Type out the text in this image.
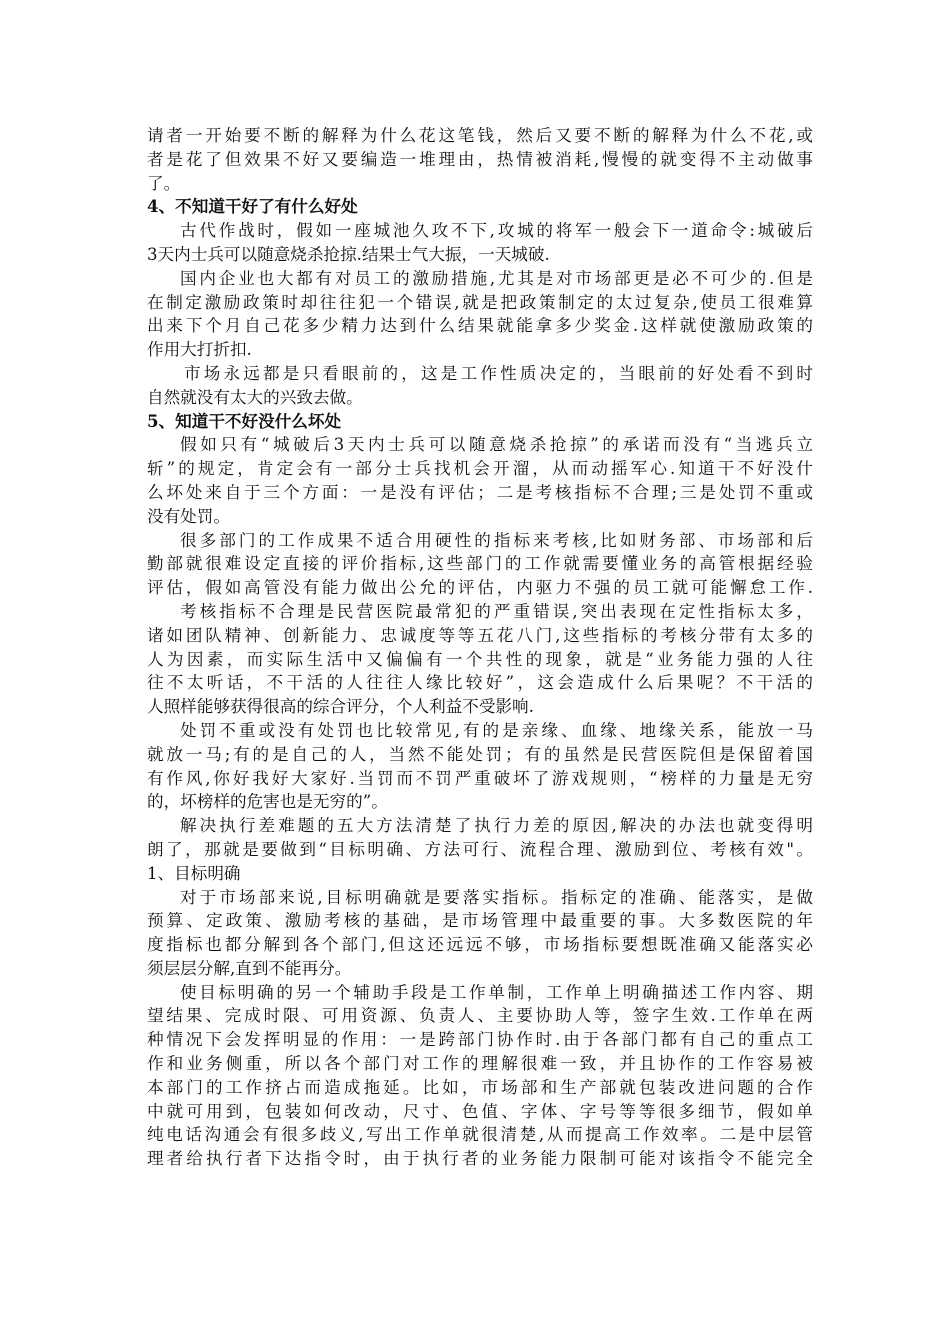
请者一开始要不断的解释为什么花这笔钱，然后又要不断的解释为什么不花,或
者是花了但效果不好又要编造一堆理由，热情被消耗,慢慢的就变得不主动做事
了。
4、不知道干好了有什么好处
古代作战时，假如一座城池久攻不下,攻城的将军一般会下一道命令:城破后
3天内士兵可以随意烧杀抢掠.结果士气大振，一天城破.
国内企业也大都有对员工的激励措施,尤其是对市场部更是必不可少的.但是
在制定激励政策时却往往犯一个错误,就是把政策制定的太过复杂,使员工很难算
出来下个月自己花多少精力达到什么结果就能拿多少奖金.这样就使激励政策的
作用大打折扣.
市场永远都是只看眼前的，这是工作性质决定的，当眼前的好处看不到时
自然就没有太大的兴致去做。
5、知道干不好没什么坏处
假如只有“城破后3天内士兵可以随意烧杀抢掠”的承诺而没有“当逃兵立
斩”的规定，肯定会有一部分士兵找机会开溜，从而动摇军心.知道干不好没什
么坏处来自于三个方面：一是没有评估；二是考核指标不合理;三是处罚不重或
没有处罚。
很多部门的工作成果不适合用硬性的指标来考核,比如财务部、市场部和后
勤部就很难设定直接的评价指标,这些部门的工作就需要懂业务的高管根据经验
评估，假如高管没有能力做出公允的评估，内驱力不强的员工就可能懈怠工作.
考核指标不合理是民营医院最常犯的严重错误,突出表现在定性指标太多，
诸如团队精神、创新能力、忠诚度等等五花八门,这些指标的考核分带有太多的
人为因素，而实际生活中又偏偏有一个共性的现象，就是“业务能力强的人往
往不太听话，不干活的人往往人缘比较好”，这会造成什么后果呢？不干活的
人照样能够获得很高的综合评分，个人利益不受影响.
处罚不重或没有处罚也比较常见,有的是亲缘、血缘、地缘关系，能放一马
就放一马;有的是自己的人，当然不能处罚；有的虽然是民营医院但是保留着国
有作风,你好我好大家好.当罚而不罚严重破坏了游戏规则，“榜样的力量是无穷
的，坏榜样的危害也是无穷的”。
解决执行差难题的五大方法清楚了执行力差的原因,解决的办法也就变得明
朗了，那就是要做到“目标明确、方法可行、流程合理、激励到位、考核有效"。
1、目标明确
对于市场部来说,目标明确就是要落实指标。指标定的准确、能落实，是做
预算、定政策、激励考核的基础，是市场管理中最重要的事。大多数医院的年
度指标也都分解到各个部门,但这还远远不够，市场指标要想既准确又能落实必
须层层分解,直到不能再分。
使目标明确的另一个辅助手段是工作单制，工作单上明确描述工作内容、期
望结果、完成时限、可用资源、负责人、主要协助人等，签字生效.工作单在两
种情况下会发挥明显的作用：一是跨部门协作时.由于各部门都有自己的重点工
作和业务侧重，所以各个部门对工作的理解很难一致，并且协作的工作容易被
本部门的工作挤占而造成拖延。比如，市场部和生产部就包装改进问题的合作
中就可用到，包装如何改动，尺寸、色值、字体、字号等等很多细节，假如单
纯电话沟通会有很多歧义,写出工作单就很清楚,从而提高工作效率。二是中层管
理者给执行者下达指令时，由于执行者的业务能力限制可能对该指令不能完全
